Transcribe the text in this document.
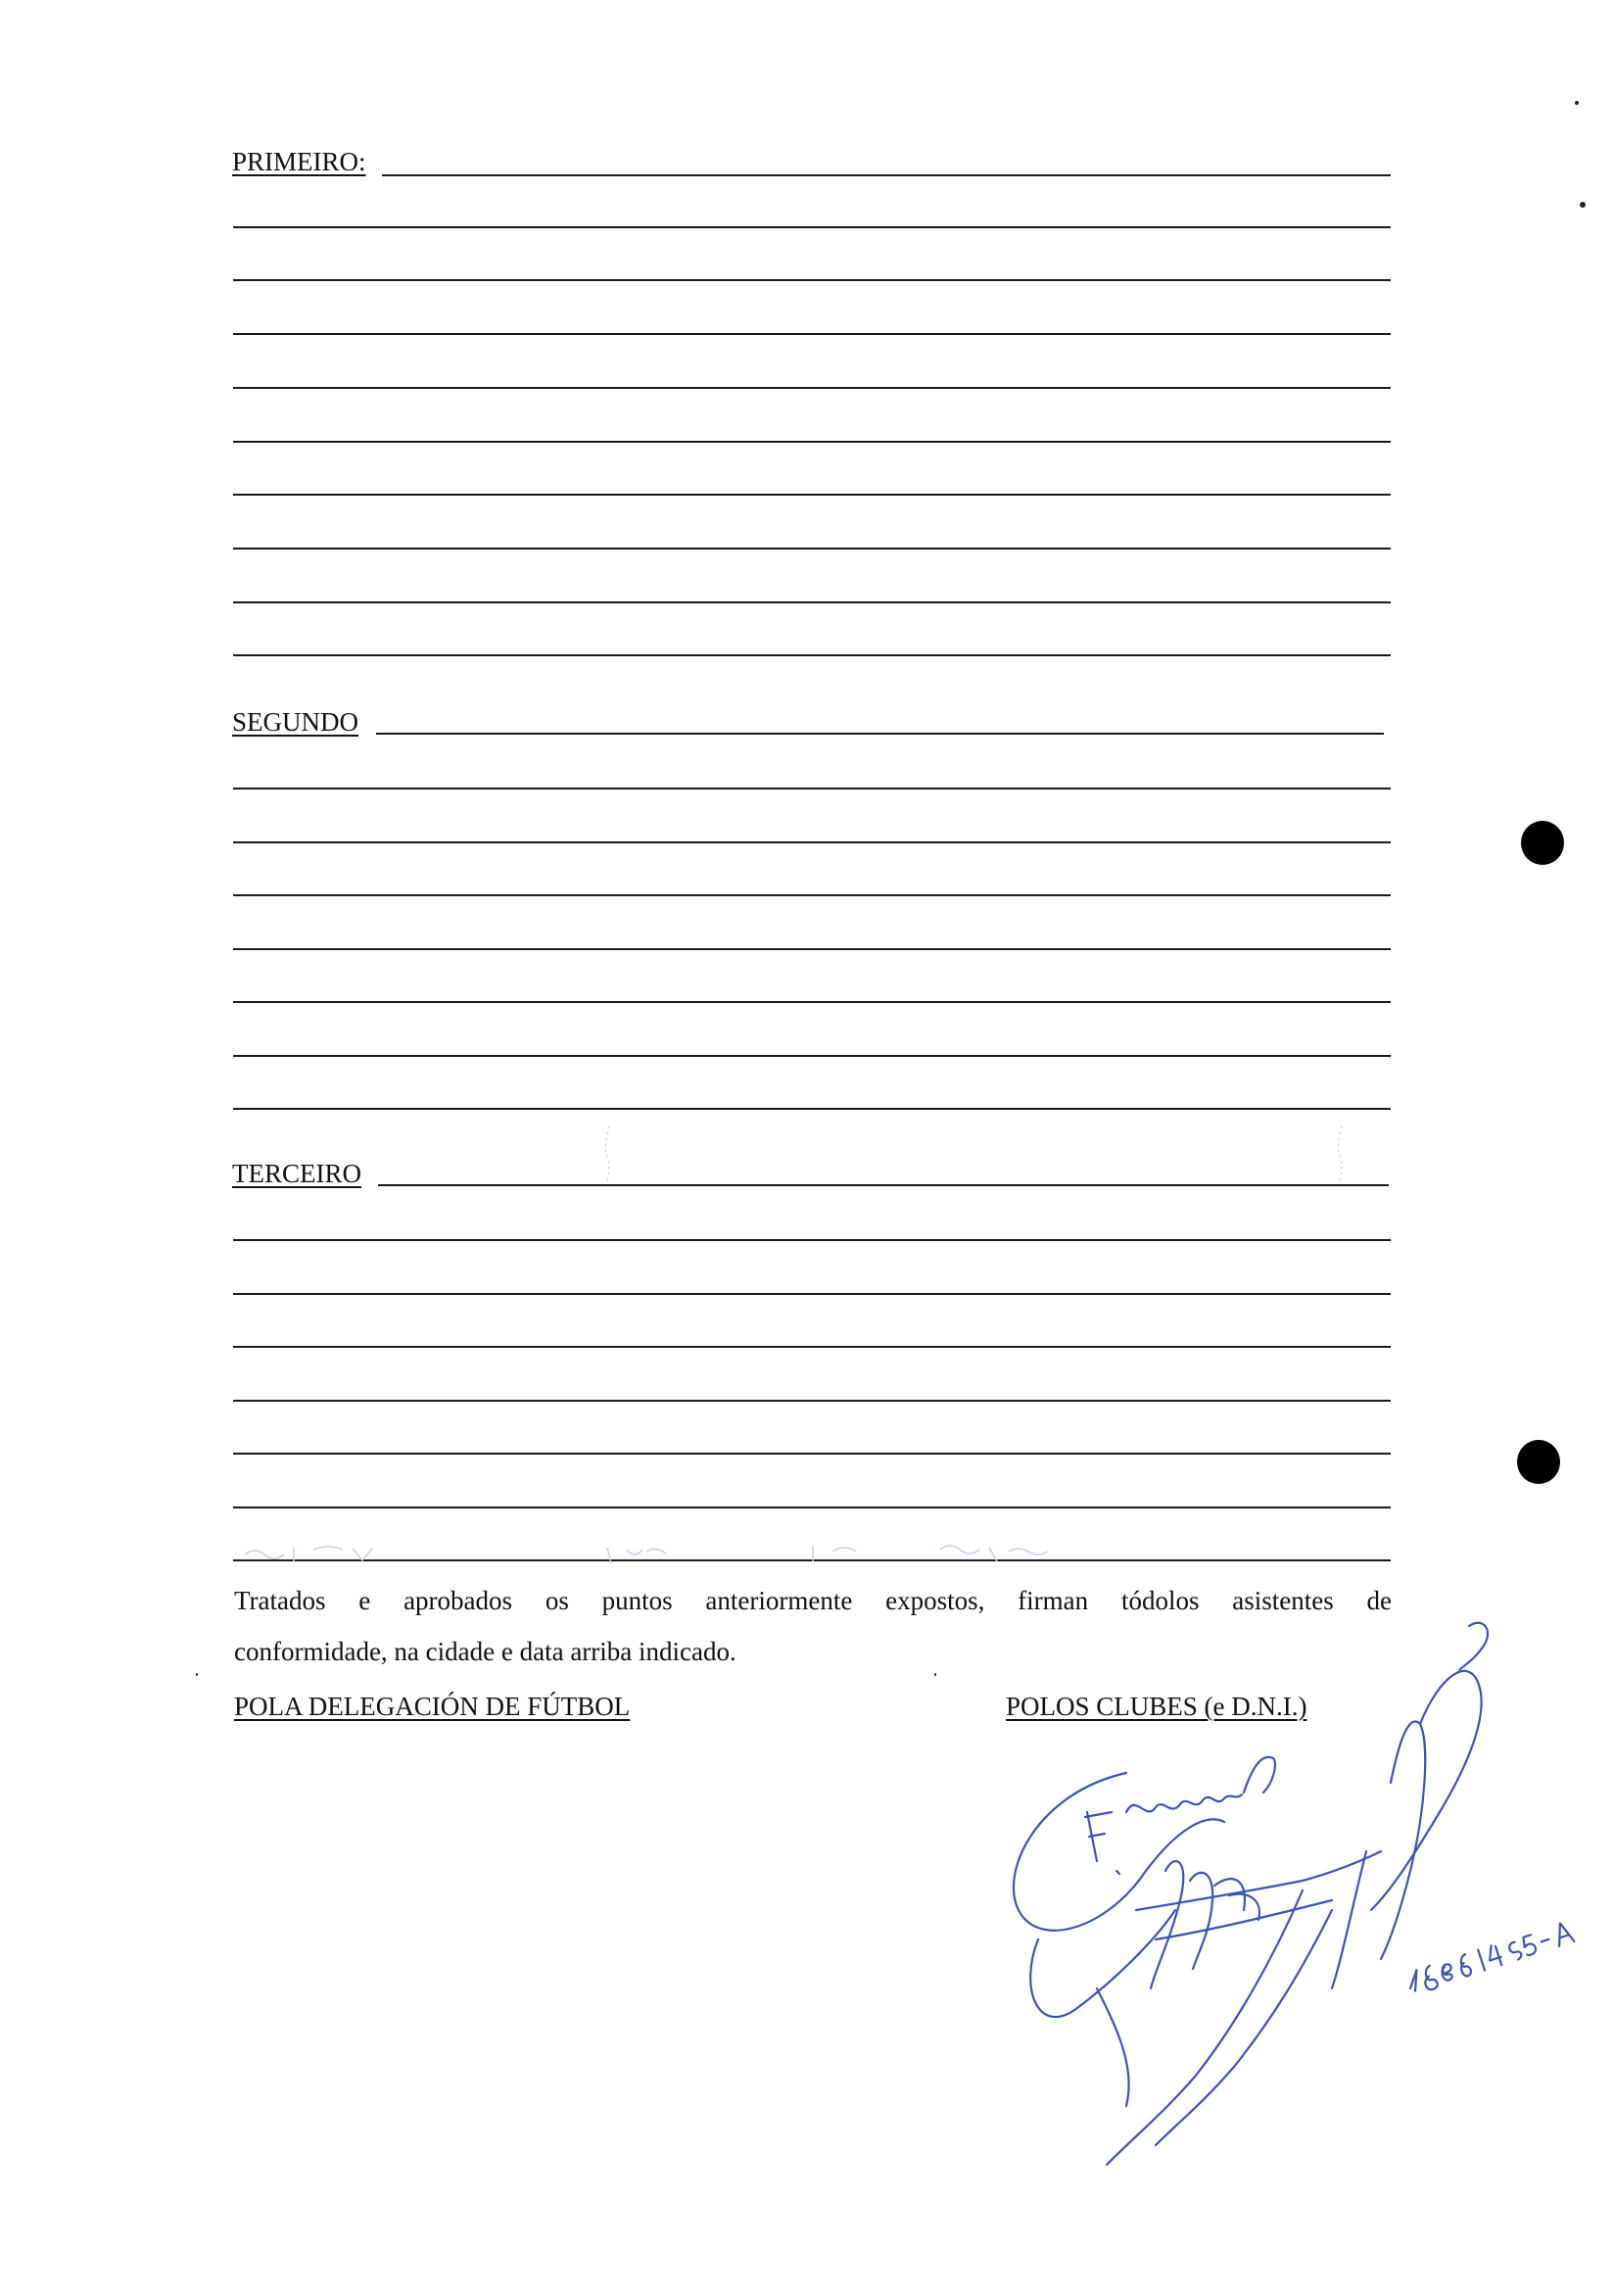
PRIMEIRO:
SEGUNDO
TERCEIRO

Tratados e aprobados os puntos anteriormente expostos, firman tódolos asistentes de

conformidade, na cidade e data arriba indicado.

POLA DELEGACIÓN DE FÚTBOL	POLOS CLUBES (e D.N.I.)
